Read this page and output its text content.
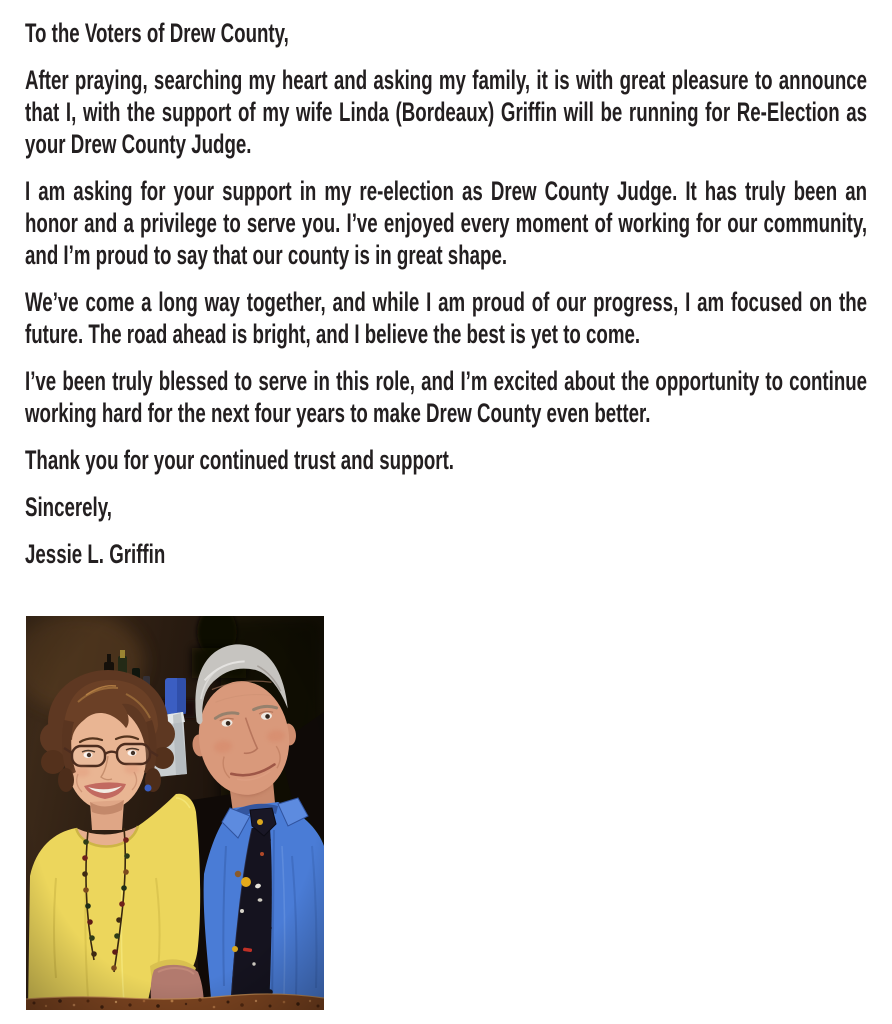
To the Voters of Drew County,

After praying, searching my heart and asking my family, it is with great pleasure to announce that I, with the support of my wife Linda (Bordeaux) Griffin will be running for Re-Election as your Drew County Judge.

I am asking for your support in my re-election as Drew County Judge. It has truly been an honor and a privilege to serve you. I’ve enjoyed every moment of working for our community, and I’m proud to say that our county is in great shape.

We’ve come a long way together, and while I am proud of our progress, I am focused on the future. The road ahead is bright, and I believe the best is yet to come.

I’ve been truly blessed to serve in this role, and I’m excited about the opportunity to continue working hard for the next four years to make Drew County even better.

Thank you for your continued trust and support.

Sincerely,

Jessie L. Griffin
